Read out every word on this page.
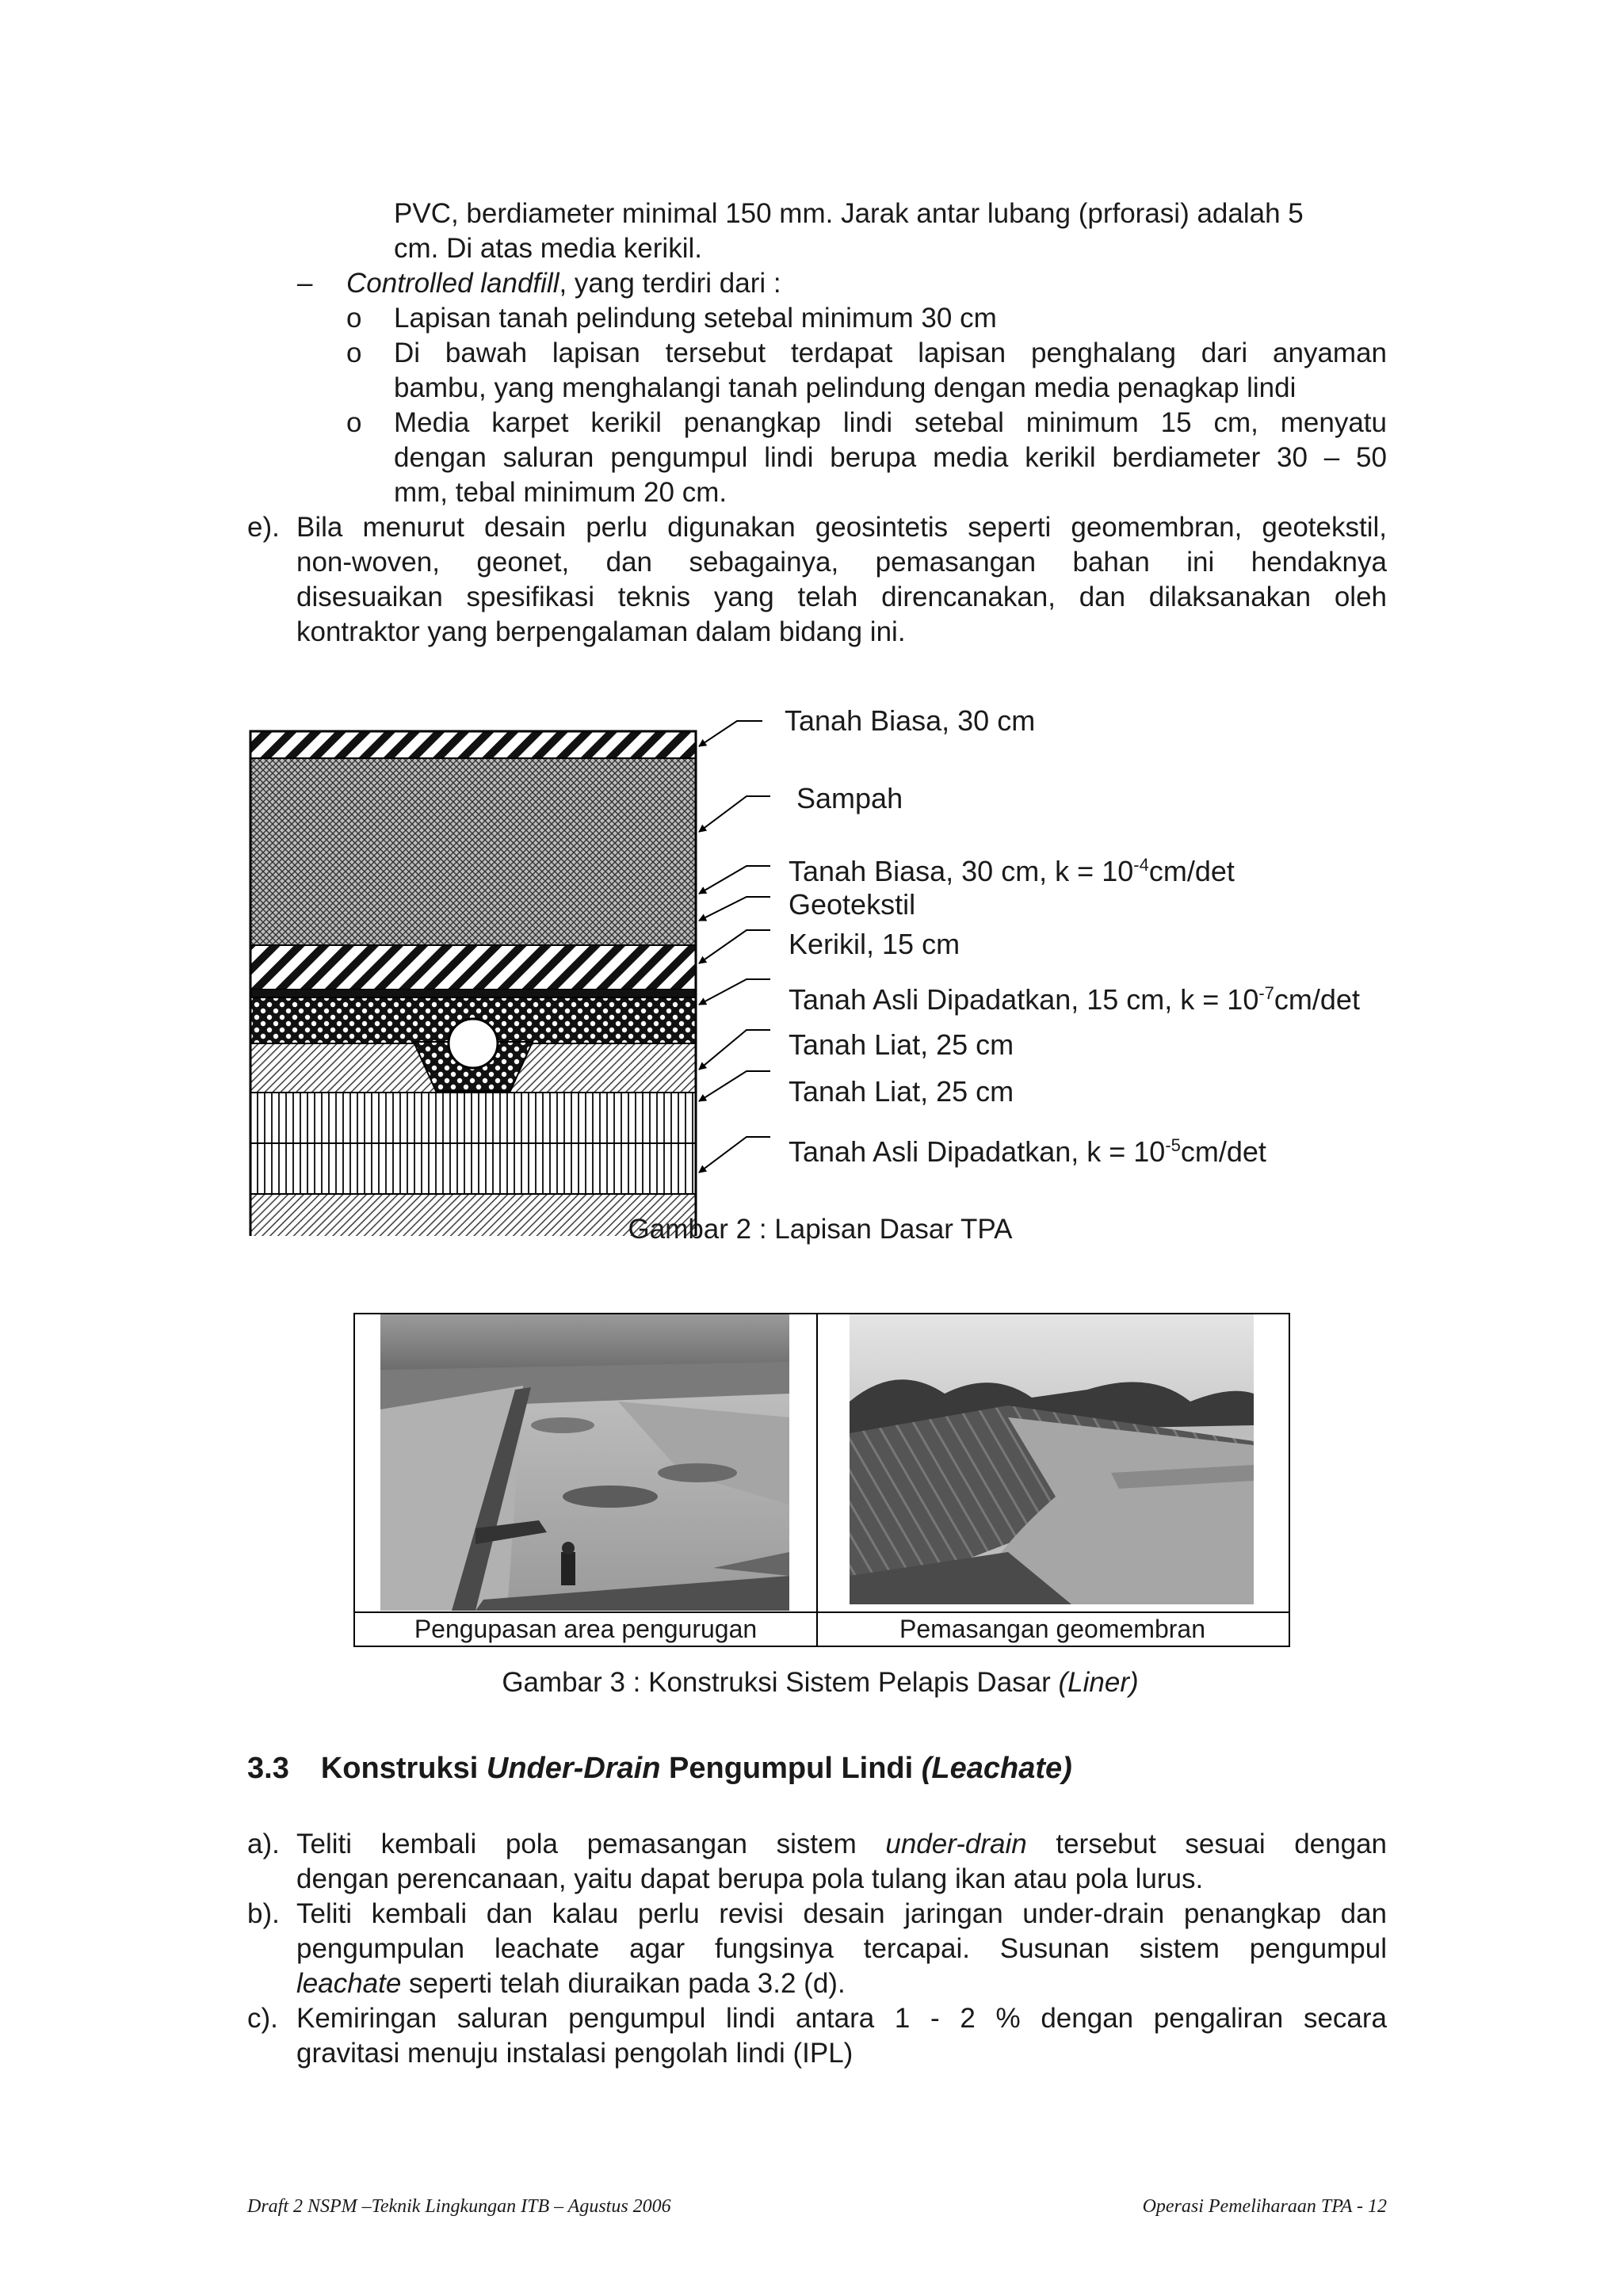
PVC, berdiameter minimal 150 mm. Jarak antar lubang (prforasi) adalah 5
cm. Di atas media kerikil.
– Controlled landfill, yang terdiri dari :
o Lapisan tanah pelindung setebal minimum 30 cm
o Di bawah lapisan tersebut terdapat lapisan penghalang dari anyaman
bambu, yang menghalangi tanah pelindung dengan media penagkap lindi
o Media karpet kerikil penangkap lindi setebal minimum 15 cm, menyatu
dengan saluran pengumpul lindi berupa media kerikil berdiameter 30 – 50
mm, tebal minimum 20 cm.
e). Bila menurut desain perlu digunakan geosintetis seperti geomembran, geotekstil,
non-woven, geonet, dan sebagainya, pemasangan bahan ini hendaknya
disesuaikan spesifikasi teknis yang telah direncanakan, dan dilaksanakan oleh
kontraktor yang berpengalaman dalam bidang ini.
Tanah Biasa, 30 cm
Sampah
Tanah Biasa, 30 cm, $k = 10^{-4}cm/\det$
Geotekstil
Kerikil, 15 cm
Tanah Asli Dipadatkan, 15 cm, $k = 10^{-7}cm/\det$
Tanah Liat, 25 cm
Tanah Liat, 25 cm
Tanah Asli Dipadatkan, $k = 10^{-5}cm/\det$
Gambar 2 : Lapisan Dasar TPA
Pengupasan area pengurugan	Pemasangan geomembran
Gambar 3 : Konstruksi Sistem Pelapis Dasar (Liner)
3.3 Konstruksi Under-Drain Pengumpul Lindi (Leachate)
a). Teliti kembali pola pemasangan sistem under-drain tersebut sesuai dengan
dengan perencanaan, yaitu dapat berupa pola tulang ikan atau pola lurus.
b). Teliti kembali dan kalau perlu revisi desain jaringan under-drain penangkap dan
pengumpulan leachate agar fungsinya tercapai. Susunan sistem pengumpul
leachate seperti telah diuraikan pada 3.2 (d).
c). Kemiringan saluran pengumpul lindi antara 1 - 2 % dengan pengaliran secara
gravitasi menuju instalasi pengolah lindi (IPL)
Draft 2 NSPM –Teknik Lingkungan ITB – Agustus 2006	Operasi Pemeliharaan TPA - 12
